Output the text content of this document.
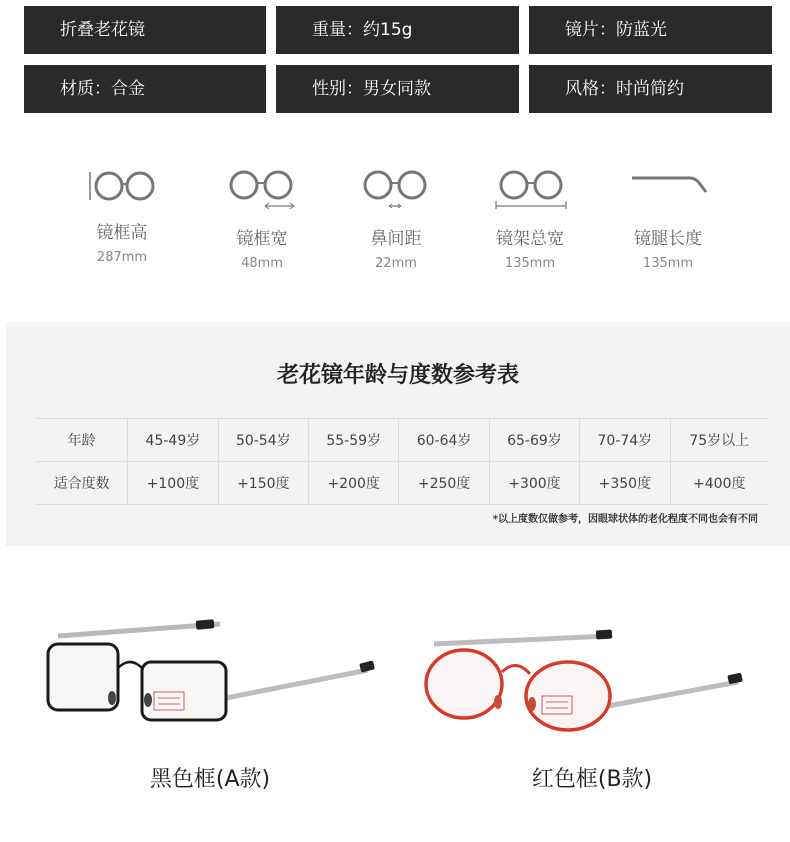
折叠老花镜	重量：约15g	镜片：防蓝光
材质：合金	性别：男女同款	风格：时尚简约
镜框高
287mm
镜框宽
48mm
鼻间距
22mm
镜架总宽
135mm
镜腿长度
135mm
老花镜年龄与度数参考表
年龄	45-49岁	50-54岁	55-59岁	60-64岁	65-69岁	70-74岁	75岁以上
适合度数	+100度	+150度	+200度	+250度	+300度	+350度	+400度
*以上度数仅做参考，因眼球状体的老化程度不同也会有不同
黑色框(A款)	红色框(B款)
